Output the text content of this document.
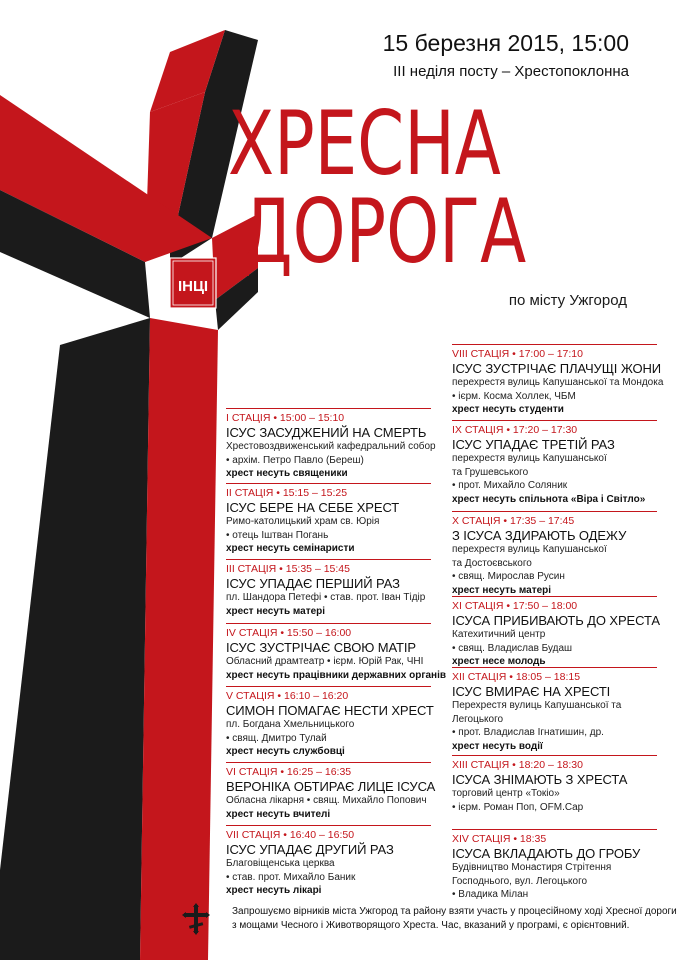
ІНЦІ
15 березня 2015, 15:00
III неділя посту – Хрестопоклонна
ХРЕСНА
ДОРОГА
по місту Ужгород
I СТАЦІЯ • 15:00 – 15:10
ІСУС ЗАСУДЖЕНИЙ НА СМЕРТЬ
Хрестовоздвиженський кафедральний собор
• архім. Петро Павло (Береш)
хрест несуть священики
II СТАЦІЯ • 15:15 – 15:25
ІСУС БЕРЕ НА СЕБЕ ХРЕСТ
Римо-католицький храм св. Юрія
• отець Іштван Погань
хрест несуть семінаристи
III СТАЦІЯ • 15:35 – 15:45
ІСУС УПАДАЄ ПЕРШИЙ РАЗ
пл. Шандора Петефі • став. прот. Іван Тідір
хрест несуть матері
IV СТАЦІЯ • 15:50 – 16:00
ІСУС ЗУСТРІЧАЄ СВОЮ МАТІР
Обласний драмтеатр • ієрм. Юрій Рак, ЧНІ
хрест несуть працівники державних органів
V СТАЦІЯ • 16:10 – 16:20
СИМОН ПОМАГАЄ НЕСТИ ХРЕСТ
пл. Богдана Хмельницького
• свящ. Дмитро Тулай
хрест несуть службовці
VI СТАЦІЯ • 16:25 – 16:35
ВЕРОНІКА ОБТИРАЄ ЛИЦЕ ІСУСА
Обласна лікарня • свящ. Михайло Попович
хрест несуть вчителі
VII СТАЦІЯ • 16:40 – 16:50
ІСУС УПАДАЄ ДРУГИЙ РАЗ
Благовіщенська церква
• став. прот. Михайло Баник
хрест несуть лікарі
VIII СТАЦІЯ • 17:00 – 17:10
ІСУС ЗУСТРІЧАЄ ПЛАЧУЩІ ЖОНИ
перехрестя вулиць Капушанської та Мондока
• ієрм. Косма Холлек, ЧБМ
хрест несуть студенти
IX СТАЦІЯ • 17:20 – 17:30
ІСУС УПАДАЄ ТРЕТІЙ РАЗ
перехрестя вулиць Капушанської
та Грушевського
• прот. Михайло Соляник
хрест несуть спільнота «Віра і Світло»
X СТАЦІЯ • 17:35 – 17:45
З ІСУСА ЗДИРАЮТЬ ОДЕЖУ
перехрестя вулиць Капушанської
та Достоєвського
• свящ. Мирослав Русин
хрест несуть матері
XI СТАЦІЯ • 17:50 – 18:00
ІСУСА ПРИБИВАЮТЬ ДО ХРЕСТА
Катехитичний центр
• свящ. Владислав Будаш
хрест несе молодь
XII СТАЦІЯ • 18:05 – 18:15
ІСУС ВМИРАЄ НА ХРЕСТІ
Перехрестя вулиць Капушанської та
Легоцького
• прот. Владислав Ігнатишин, др.
хрест несуть водії
XIII СТАЦІЯ • 18:20 – 18:30
ІСУСА ЗНІМАЮТЬ З ХРЕСТА
торговий центр «Токіо»
• ієрм. Роман Поп, OFM.Cap
XIV СТАЦІЯ • 18:35
ІСУСА ВКЛАДАЮТЬ ДО ГРОБУ
Будівництво Монастиря Стрітення
Господнього, вул. Легоцького
• Владика Мілан
Запрошуємо вірників міста Ужгород та району взяти участь у процесійному ході Хресної дороги
з мощами Чесного і Животворящого Хреста. Час, вказаний у програмі, є орієнтовний.
